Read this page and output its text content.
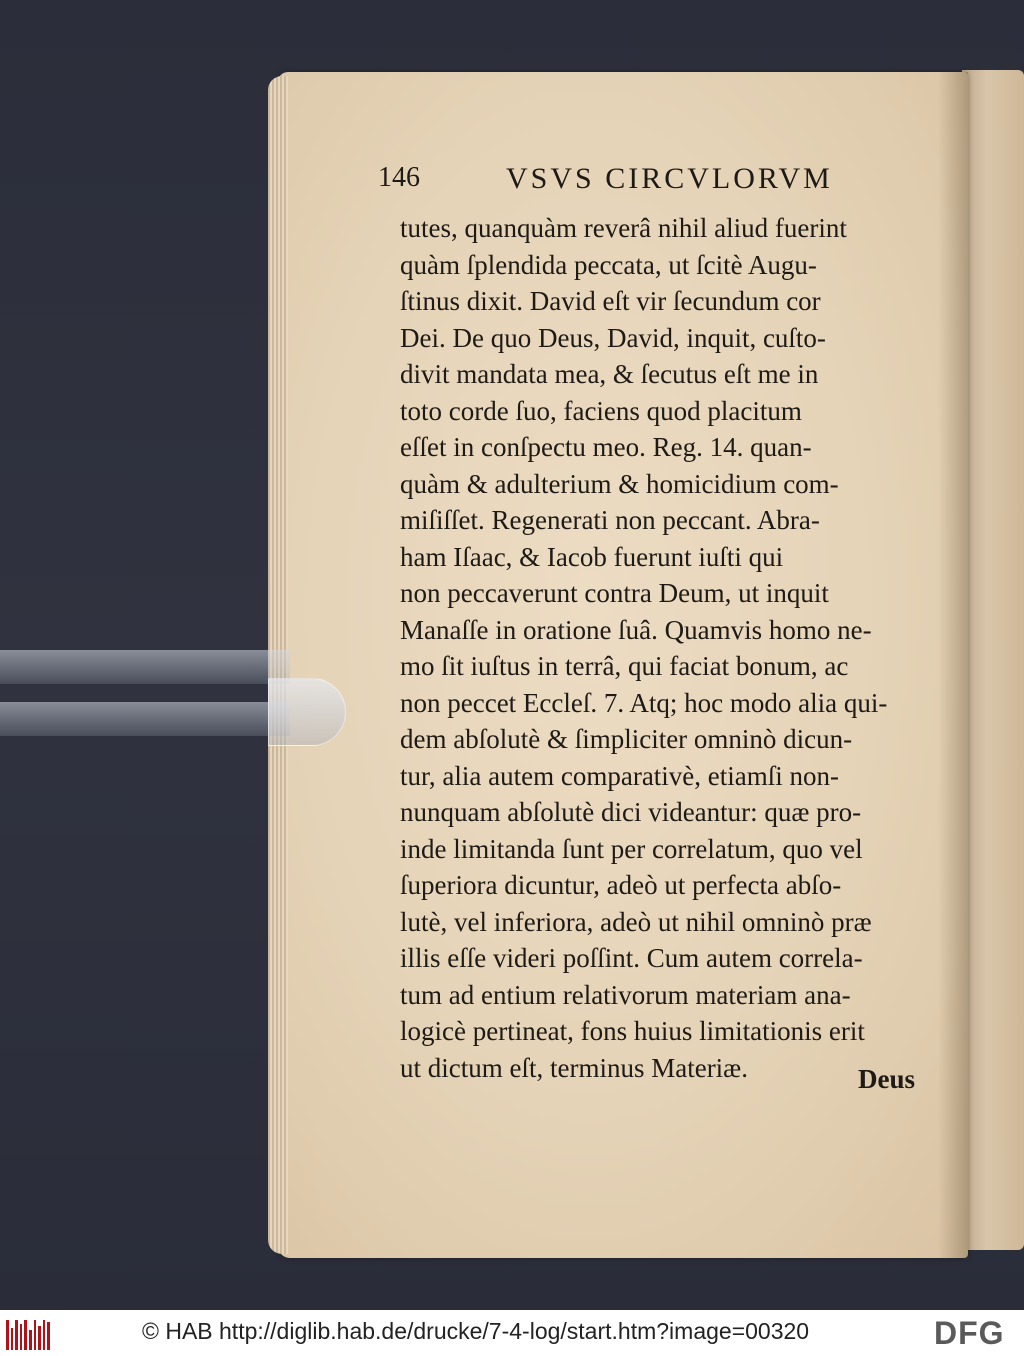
146	VSVS CIRCVLORVM
tutes, quanquàm reverâ nihil aliud fuerint
quàm ſplendida peccata, ut ſcitè Augu-
ſtinus dixit. David eſt vir ſecundum cor
Dei. De quo Deus, David, inquit, cuſto-
divit mandata mea, & ſecutus eſt me in
toto corde ſuo, faciens quod placitum
eſſet in conſpectu meo. Reg. 14. quan-
quàm & adulterium & homicidium com-
miſiſſet. Regenerati non peccant. Abra-
ham Iſaac, & Iacob fuerunt iuſti qui
non peccaverunt contra Deum, ut inquit
Manaſſe in oratione ſuâ. Quamvis homo ne-
mo ſit iuſtus in terrâ, qui faciat bonum, ac
non peccet Eccleſ. 7. Atq; hoc modo alia qui-
dem abſolutè & ſimpliciter omninò dicun-
tur, alia autem comparativè, etiamſi non-
nunquam abſolutè dici videantur: quæ pro-
inde limitanda ſunt per correlatum, quo vel
ſuperiora dicuntur, adeò ut perfecta abſo-
lutè, vel inferiora, adeò ut nihil omninò præ
illis eſſe videri poſſint. Cum autem correla-
tum ad entium relativorum materiam ana-
logicè pertineat, fons huius limitationis erit
ut dictum eſt, terminus Materiæ.	Deus
© HAB http://diglib.hab.de/drucke/7-4-log/start.htm?image=00320	DFG
